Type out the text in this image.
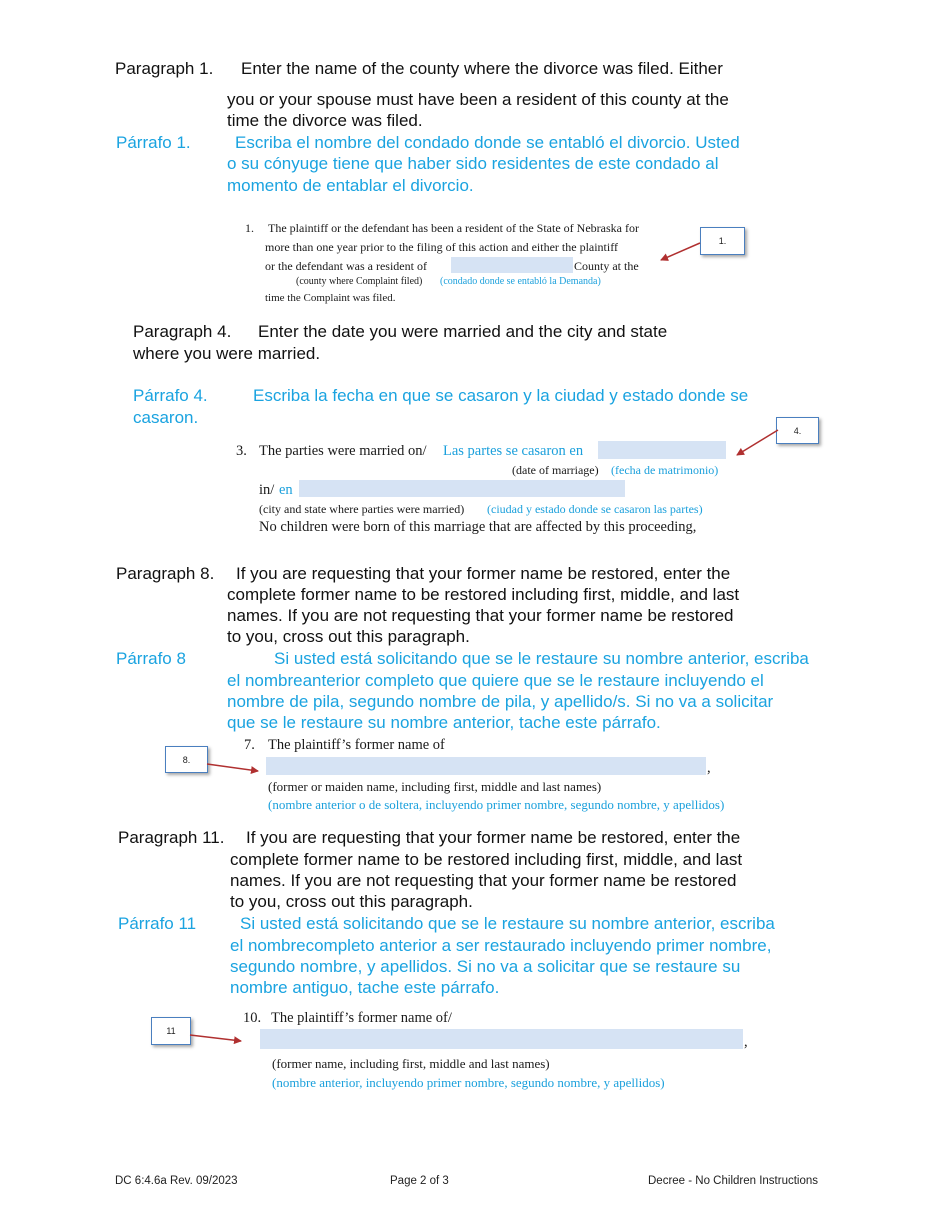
Paragraph 1. Enter the name of the county where the divorce was filed. Either
you or your spouse must have been a resident of this county at the
time the divorce was filed.
Párrafo 1.	Escriba el nombre del condado donde se entabló el divorcio. Usted
o su cónyuge tiene que haber sido residentes de este condado al
momento de entablar el divorcio.
1. The plaintiff or the defendant has been a resident of the State of Nebraska for
more than one year prior to the filing of this action and either the plaintiff
or the defendant was a resident of	County at the
(county where Complaint filed) (condado donde se entabló la Demanda)
time the Complaint was filed.
1.
Paragraph 4. Enter the date you were married and the city and state
where you were married.
Párrafo 4.	Escriba la fecha en que se casaron y la ciudad y estado donde se
casaron.
3. The parties were married on/ Las partes se casaron en
(date of marriage) (fecha de matrimonio)
in/ en
(city and state where parties were married) (ciudad y estado donde se casaron las partes)
No children were born of this marriage that are affected by this proceeding,
4.
Paragraph 8. If you are requesting that your former name be restored, enter the
complete former name to be restored including first, middle, and last
names. If you are not requesting that your former name be restored
to you, cross out this paragraph.
Párrafo 8	Si usted está solicitando que se le restaure su nombre anterior, escriba
el nombreanterior completo que quiere que se le restaure incluyendo el
nombre de pila, segundo nombre de pila, y apellido/s. Si no va a solicitar
que se le restaure su nombre anterior, tache este párrafo.
7. The plaintiff’s former name of
,
(former or maiden name, including first, middle and last names)
(nombre anterior o de soltera, incluyendo primer nombre, segundo nombre, y apellidos)
8.
Paragraph 11. If you are requesting that your former name be restored, enter the
complete former name to be restored including first, middle, and last
names. If you are not requesting that your former name be restored
to you, cross out this paragraph.
Párrafo 11	Si usted está solicitando que se le restaure su nombre anterior, escriba
el nombrecompleto anterior a ser restaurado incluyendo primer nombre,
segundo nombre, y apellidos. Si no va a solicitar que se restaure su
nombre antiguo, tache este párrafo.
10. The plaintiff’s former name of/
,
(former name, including first, middle and last names)
(nombre anterior, incluyendo primer nombre, segundo nombre, y apellidos)
11
DC 6:4.6a Rev. 09/2023	Page 2 of 3	Decree - No Children Instructions
